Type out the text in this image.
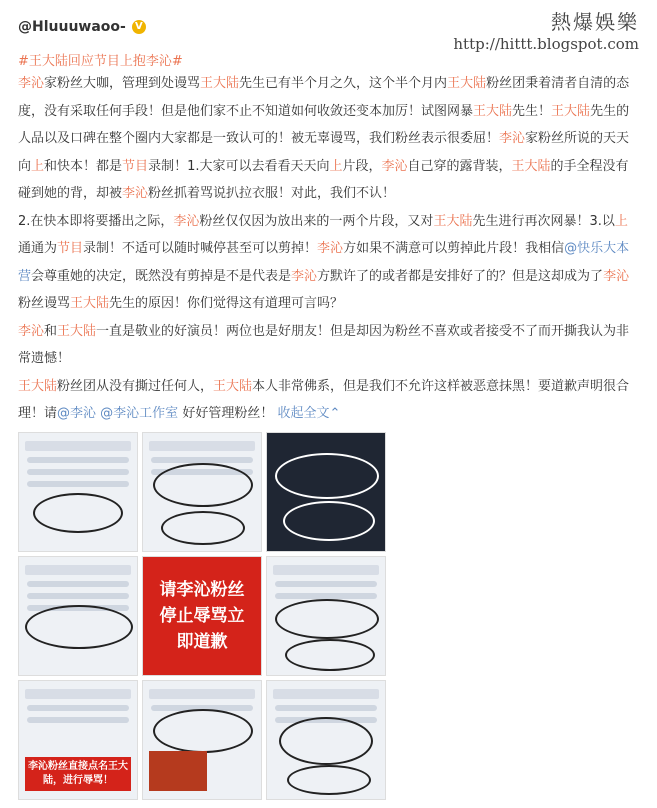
@Hluuuwaoo- V	熱爆娛樂
http://hittt.blogspot.com
#王大陆回应节目上抱李沁#

李沁家粉丝大咖，管理到处谩骂王大陆先生已有半个月之久，这个半个月内王大陆粉丝团秉着清者自清的态度，没有采取任何手段！但是他们家不止不知道如何收敛还变本加厉！试图网暴王大陆先生！王大陆先生的人品以及口碑在整个圈内大家都是一致认可的！被无辜谩骂，我们粉丝表示很委屈！李沁家粉丝所说的天天向上和快本！都是节目录制！1.大家可以去看看天天向上片段，李沁自己穿的露背装，王大陆的手全程没有碰到她的背，却被李沁粉丝抓着骂说扒拉衣服！对此，我们不认！

2.在快本即将要播出之际，李沁粉丝仅仅因为放出来的一两个片段，又对王大陆先生进行再次网暴！3.以上通通为节目录制！不适可以随时喊停甚至可以剪掉！李沁方如果不满意可以剪掉此片段！我相信@快乐大本营会尊重她的决定，既然没有剪掉是不是代表是李沁方默许了的或者都是安排好了的？但是这却成为了李沁粉丝谩骂王大陆先生的原因！你们觉得这有道理可言吗？

李沁和王大陆一直是敬业的好演员！两位也是好朋友！但是却因为粉丝不喜欢或者接受不了而开撕我认为非常遗憾！

王大陆粉丝团从没有撕过任何人，王大陆本人非常佛系，但是我们不允许这样被恶意抹黑！要道歉声明很合理！请@李沁 @李沁工作室 好好管理粉丝！ 收起全文⌃

请李沁粉丝停止辱骂立即道歉
李沁粉丝直接点名王大陆，进行辱骂！
